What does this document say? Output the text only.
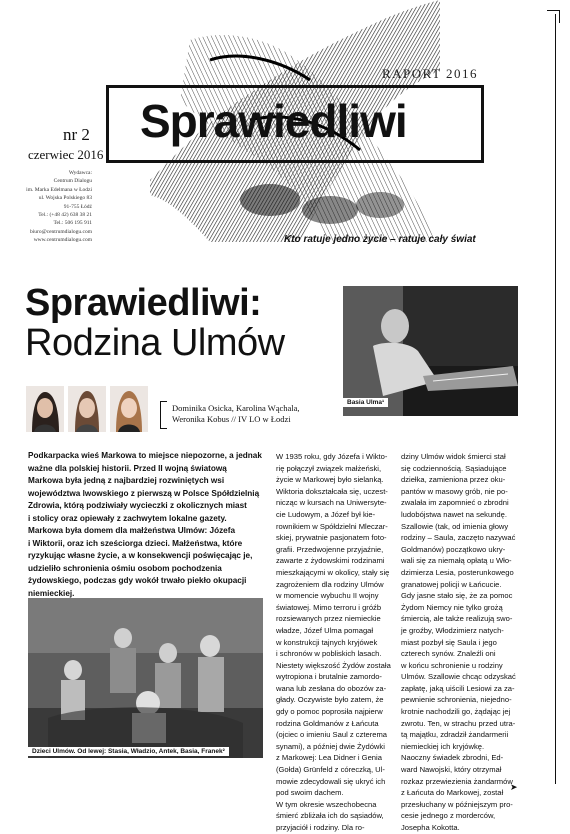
RAPORT 2016
Sprawiedliwi
nr 2
czerwiec 2016
Wydawca:
Centrum Dialogu
im. Marka Edelmana w Łodzi
ul. Wojska Polskiego 83
91-755 Łódź
Tel.: (+48 42) 638 38 21
Tel.: 506 195 911
biuro@centrumdialogu.com
www.centrumdialogu.com	Kto ratuje jedno życie – ratuje cały świat
Sprawiedliwi:
Rodzina Ulmów
Basia Ulma¹
Dominika Osicka, Karolina Wąchala,
Weronika Kobus // IV LO w Łodzi
Podkarpacka wieś Markowa to miejsce niepozorne, a jednak
ważne dla polskiej historii. Przed II wojną światową
Markowa była jedną z najbardziej rozwiniętych wsi
województwa lwowskiego z pierwszą w Polsce Spółdzielnią
Zdrowia, którą podziwiały wycieczki z okolicznych miast
i stolicy oraz opiewały z zachwytem lokalne gazety.
Markowa była domem dla małżeństwa Ulmów: Józefa
i Wiktorii, oraz ich sześciorga dzieci. Małżeństwa, które
ryzykując własne życie, a w konsekwencji poświęcając je,
udzieliło schronienia ośmiu osobom pochodzenia
żydowskiego, podczas gdy wokół trwało piekło okupacji
niemieckiej.
W 1935 roku, gdy Józefa i Wikto-
rię połączył związek małżeński,
życie w Markowej było sielanką.
Wiktoria dokształcała się, uczest-
nicząc w kursach na Uniwersyte-
cie Ludowym, a Józef był kie-
rownikiem w Spółdzielni Mleczar-
skiej, prywatnie pasjonatem foto-
grafii. Przedwojenne przyjaźnie,
zawarte z żydowskimi rodzinami
mieszkającymi w okolicy, stały się
zagrożeniem dla rodziny Ulmów
w momencie wybuchu II wojny
światowej. Mimo terroru i gróźb
rozsiewanych przez niemieckie
władze, Józef Ulma pomagał
w konstrukcji tajnych kryjówek
i schronów w pobliskich lasach.
Niestety większość Żydów została
wytropiona i brutalnie zamordo-
wana lub zesłana do obozów za-
głady. Oczywiste było zatem, że
gdy o pomoc poprosiła najpierw
rodzina Goldmanów z Łańcuta
(ojciec o imieniu Saul z czterema
synami), a później dwie Żydówki
z Markowej: Lea Didner i Genia
(Gołda) Grünfeld z córeczką, Ul-
mowie zdecydowali się ukryć ich
pod swoim dachem.
W tym okresie wszechobecna
śmierć zbliżała ich do sąsiadów,
przyjaciół i rodziny. Dla ro-
dziny Ulmów widok śmierci stał
się codziennością. Sąsiadujące
dziełka, zamieniona przez oku-
pantów w masowy grób, nie po-
zwalała im zapomnieć o zbrodni
ludobójstwa nawet na sekundę.
Szallowie (tak, od imienia głowy
rodziny – Saula, zaczęto nazywać
Goldmanów) początkowo ukry-
wali się za niemałą opłatą u Wło-
dzimierza Lesia, posterunkowego
granatowej policji w Łańcucie.
Gdy jasne stało się, że za pomoc
Żydom Niemcy nie tylko grożą
śmiercią, ale także realizują swo-
je groźby, Włodzimierz natych-
miast pozbył się Saula i jego
czterech synów. Znaleźli oni
w końcu schronienie u rodziny
Ulmów. Szallowie chcąc odzyskać
zapłatę, jaką uiścili Lesiowi za za-
pewnienie schronienia, niejedno-
krotnie nachodzili go, żądając jej
zwrotu. Ten, w strachu przed utra-
tą majątku, zdradził żandarmerii
niemieckiej ich kryjówkę.
Naoczny świadek zbrodni, Ed-
ward Nawojski, który otrzymał
rozkaz przewiezienia żandarmów
z Łańcuta do Markowej, został
przesłuchany w późniejszym pro-
cesie jednego z morderców,
Josepha Kokotta.
Dzieci Ulmów. Od lewej: Stasia, Władzio, Antek, Basia, Franek²
➤
